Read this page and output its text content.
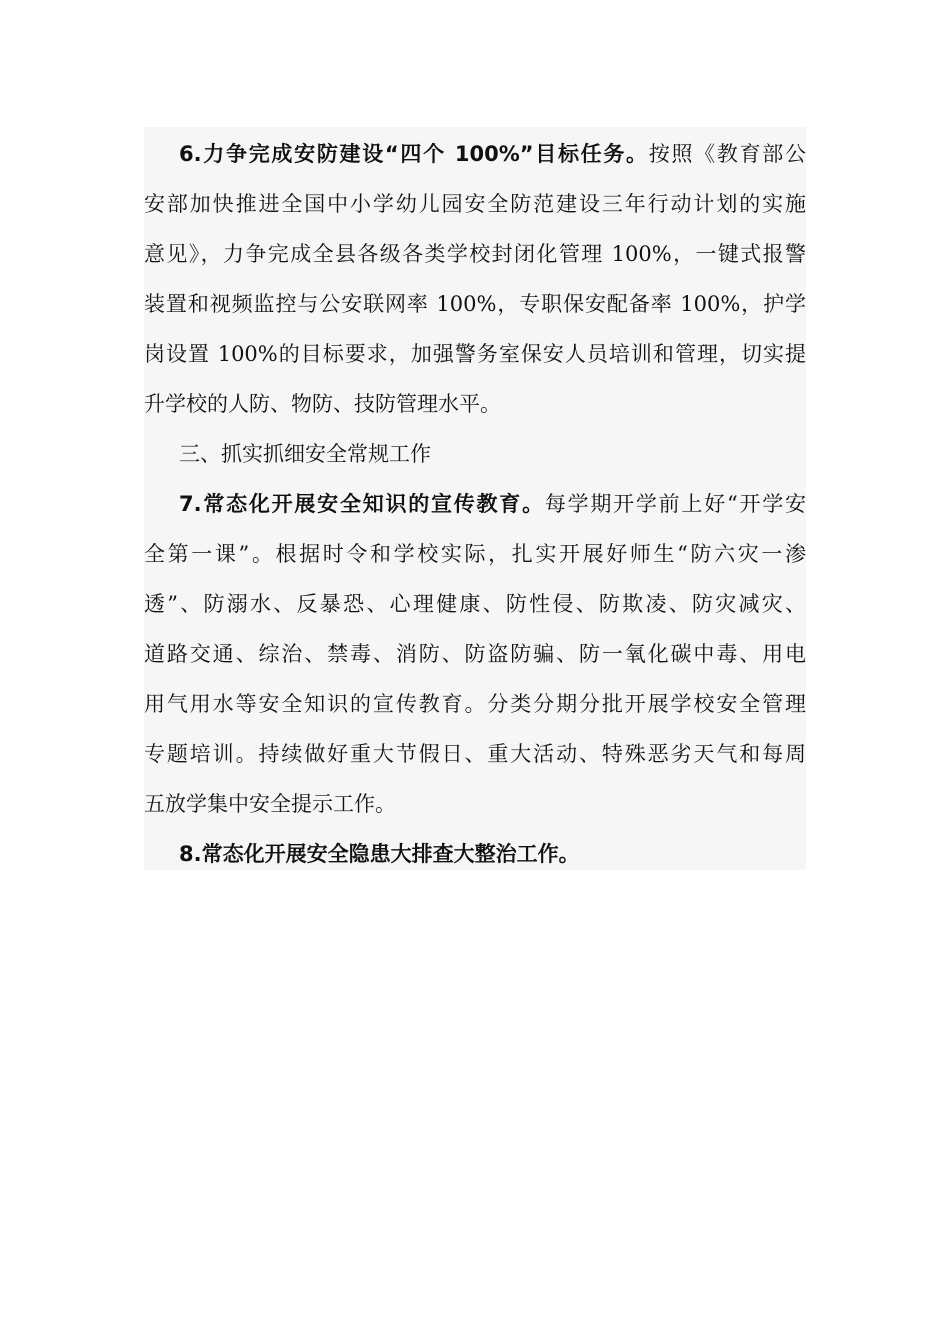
6.力争完成安防建设“四个 100%”目标任务。按照《教育部公
安部加快推进全国中小学幼儿园安全防范建设三年行动计划的实施
意见》，力争完成全县各级各类学校封闭化管理 100%，一键式报警
装置和视频监控与公安联网率 100%，专职保安配备率 100%，护学
岗设置 100%的目标要求，加强警务室保安人员培训和管理，切实提
升学校的人防、物防、技防管理水平。
三、抓实抓细安全常规工作
7.常态化开展安全知识的宣传教育。每学期开学前上好“开学安
全第一课”。根据时令和学校实际，扎实开展好师生“防六灾一渗
透”、防溺水、反暴恐、心理健康、防性侵、防欺凌、防灾减灾、
道路交通、综治、禁毒、消防、防盗防骗、防一氧化碳中毒、用电
用气用水等安全知识的宣传教育。分类分期分批开展学校安全管理
专题培训。持续做好重大节假日、重大活动、特殊恶劣天气和每周
五放学集中安全提示工作。
8.常态化开展安全隐患大排查大整治工作。
